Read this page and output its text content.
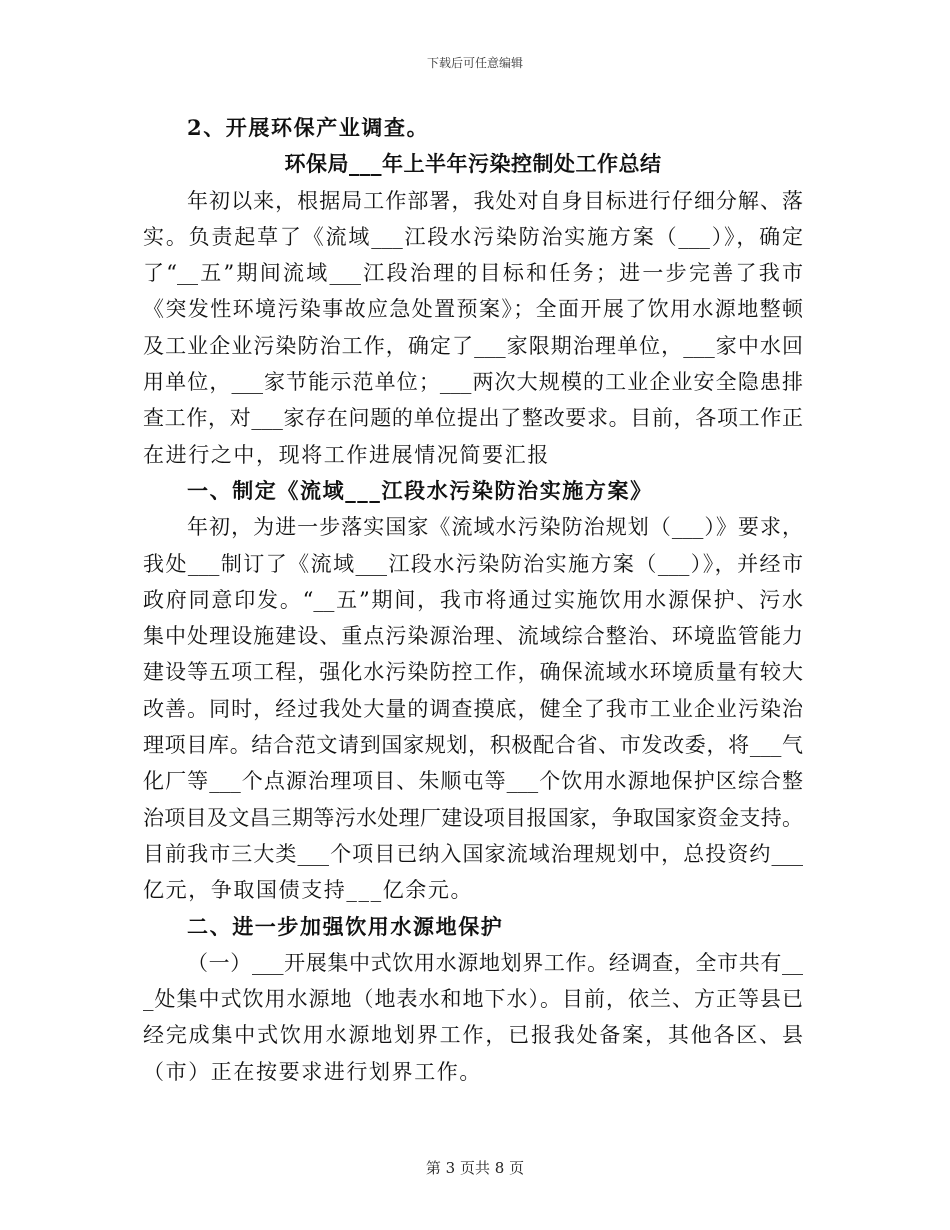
下载后可任意编辑
2、开展环保产业调查。
环保局___年上半年污染控制处工作总结
年初以来，根据局工作部署，我处对自身目标进行仔细分解、落
实。负责起草了《流域___江段水污染防治实施方案（___）》，确定
了“__五”期间流域___江段治理的目标和任务；进一步完善了我市
《突发性环境污染事故应急处置预案》；全面开展了饮用水源地整顿
及工业企业污染防治工作，确定了___家限期治理单位，___家中水回
用单位，___家节能示范单位；___两次大规模的工业企业安全隐患排
查工作，对___家存在问题的单位提出了整改要求。目前，各项工作正
在进行之中，现将工作进展情况简要汇报
一、制定《流域___江段水污染防治实施方案》
年初，为进一步落实国家《流域水污染防治规划（___）》要求，
我处___制订了《流域___江段水污染防治实施方案（___）》，并经市
政府同意印发。“__五”期间，我市将通过实施饮用水源保护、污水
集中处理设施建设、重点污染源治理、流域综合整治、环境监管能力
建设等五项工程，强化水污染防控工作，确保流域水环境质量有较大
改善。同时，经过我处大量的调查摸底，健全了我市工业企业污染治
理项目库。结合范文请到国家规划，积极配合省、市发改委，将___气
化厂等___个点源治理项目、朱顺屯等___个饮用水源地保护区综合整
治项目及文昌三期等污水处理厂建设项目报国家，争取国家资金支持。
目前我市三大类___个项目已纳入国家流域治理规划中，总投资约___
亿元，争取国债支持___亿余元。
二、进一步加强饮用水源地保护
（一）___开展集中式饮用水源地划界工作。经调查，全市共有__
_处集中式饮用水源地（地表水和地下水）。目前，依兰、方正等县已
经完成集中式饮用水源地划界工作，已报我处备案，其他各区、县
（市）正在按要求进行划界工作。
第 3 页共 8 页
